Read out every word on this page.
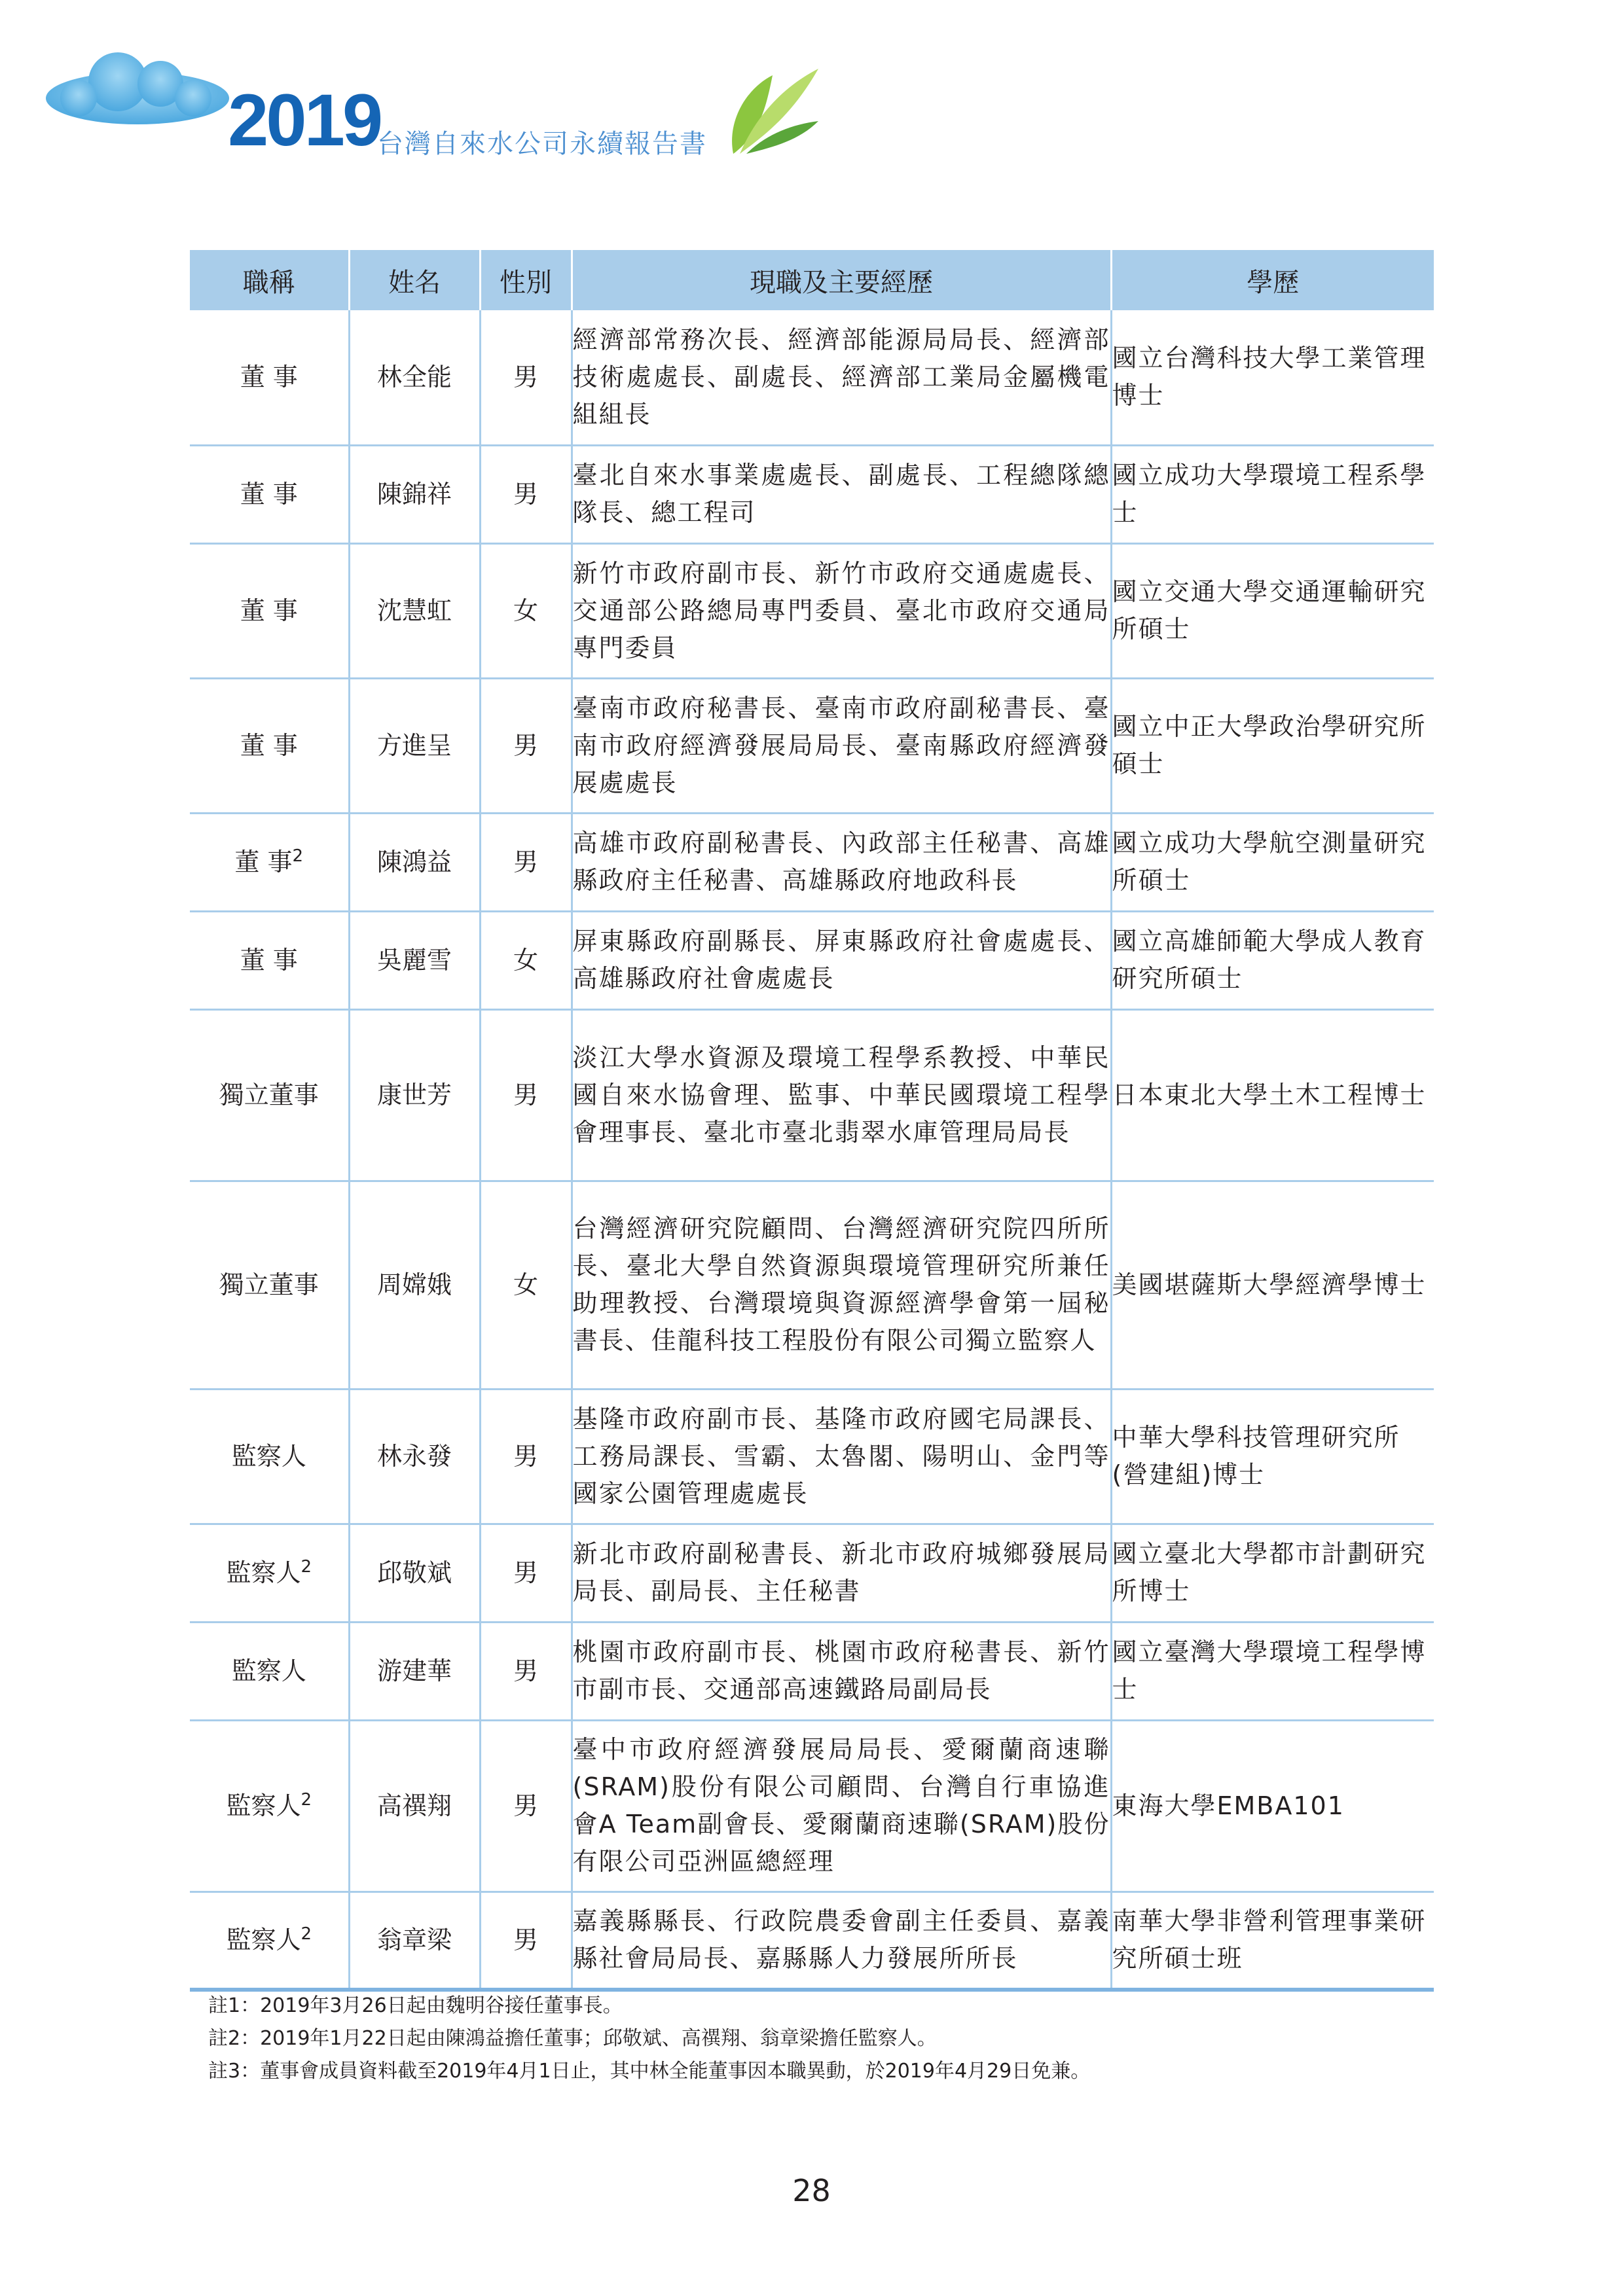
2019
台灣自來水公司永續報告書
職稱	姓名	性別	現職及主要經歷	學歷
董 事	林全能	男	經濟部常務次長、經濟部能源局局長、經濟部技術處處長、副處長、經濟部工業局金屬機電組組長	國立台灣科技大學工業管理博士
董 事	陳錦祥	男	臺北自來水事業處處長、副處長、工程總隊總隊長、總工程司	國立成功大學環境工程系學士
董 事	沈慧虹	女	新竹市政府副市長、新竹市政府交通處處長、交通部公路總局專門委員、臺北市政府交通局專門委員	國立交通大學交通運輸研究所碩士
董 事	方進呈	男	臺南市政府秘書長、臺南市政府副秘書長、臺南市政府經濟發展局局長、臺南縣政府經濟發展處處長	國立中正大學政治學研究所碩士
董 事$^2$	陳鴻益	男	高雄市政府副秘書長、內政部主任秘書、高雄縣政府主任秘書、高雄縣政府地政科長	國立成功大學航空測量研究所碩士
董 事	吳麗雪	女	屏東縣政府副縣長、屏東縣政府社會處處長、高雄縣政府社會處處長	國立高雄師範大學成人教育研究所碩士
獨立董事	康世芳	男	淡江大學水資源及環境工程學系教授、中華民國自來水協會理、監事、中華民國環境工程學會理事長、臺北市臺北翡翠水庫管理局局長	日本東北大學土木工程博士
獨立董事	周嫦娥	女	台灣經濟研究院顧問、台灣經濟研究院四所所長、臺北大學自然資源與環境管理研究所兼任助理教授、台灣環境與資源經濟學會第一屆秘書長、佳龍科技工程股份有限公司獨立監察人	美國堪薩斯大學經濟學博士
監察人	林永發	男	基隆市政府副市長、基隆市政府國宅局課長、工務局課長、雪霸、太魯閣、陽明山、金門等國家公園管理處處長	中華大學科技管理研究所(營建組)博士
監察人$^2$	邱敬斌	男	新北市政府副秘書長、新北市政府城鄉發展局局長、副局長、主任秘書	國立臺北大學都市計劃研究所博士
監察人	游建華	男	桃園市政府副市長、桃園市政府秘書長、新竹市副市長、交通部高速鐵路局副局長	國立臺灣大學環境工程學博士
監察人$^2$	高禩翔	男	臺中市政府經濟發展局局長、愛爾蘭商速聯(SRAM)股份有限公司顧問、台灣自行車協進會A Team副會長、愛爾蘭商速聯(SRAM)股份有限公司亞洲區總經理	東海大學EMBA101
監察人$^2$	翁章梁	男	嘉義縣縣長、行政院農委會副主任委員、嘉義縣社會局局長、嘉縣縣人力發展所所長	南華大學非營利管理事業研究所碩士班
註1：2019年3月26日起由魏明谷接任董事長。
註2：2019年1月22日起由陳鴻益擔任董事；邱敬斌、高禩翔、翁章梁擔任監察人。
註3：董事會成員資料截至2019年4月1日止，其中林全能董事因本職異動，於2019年4月29日免兼。
28
